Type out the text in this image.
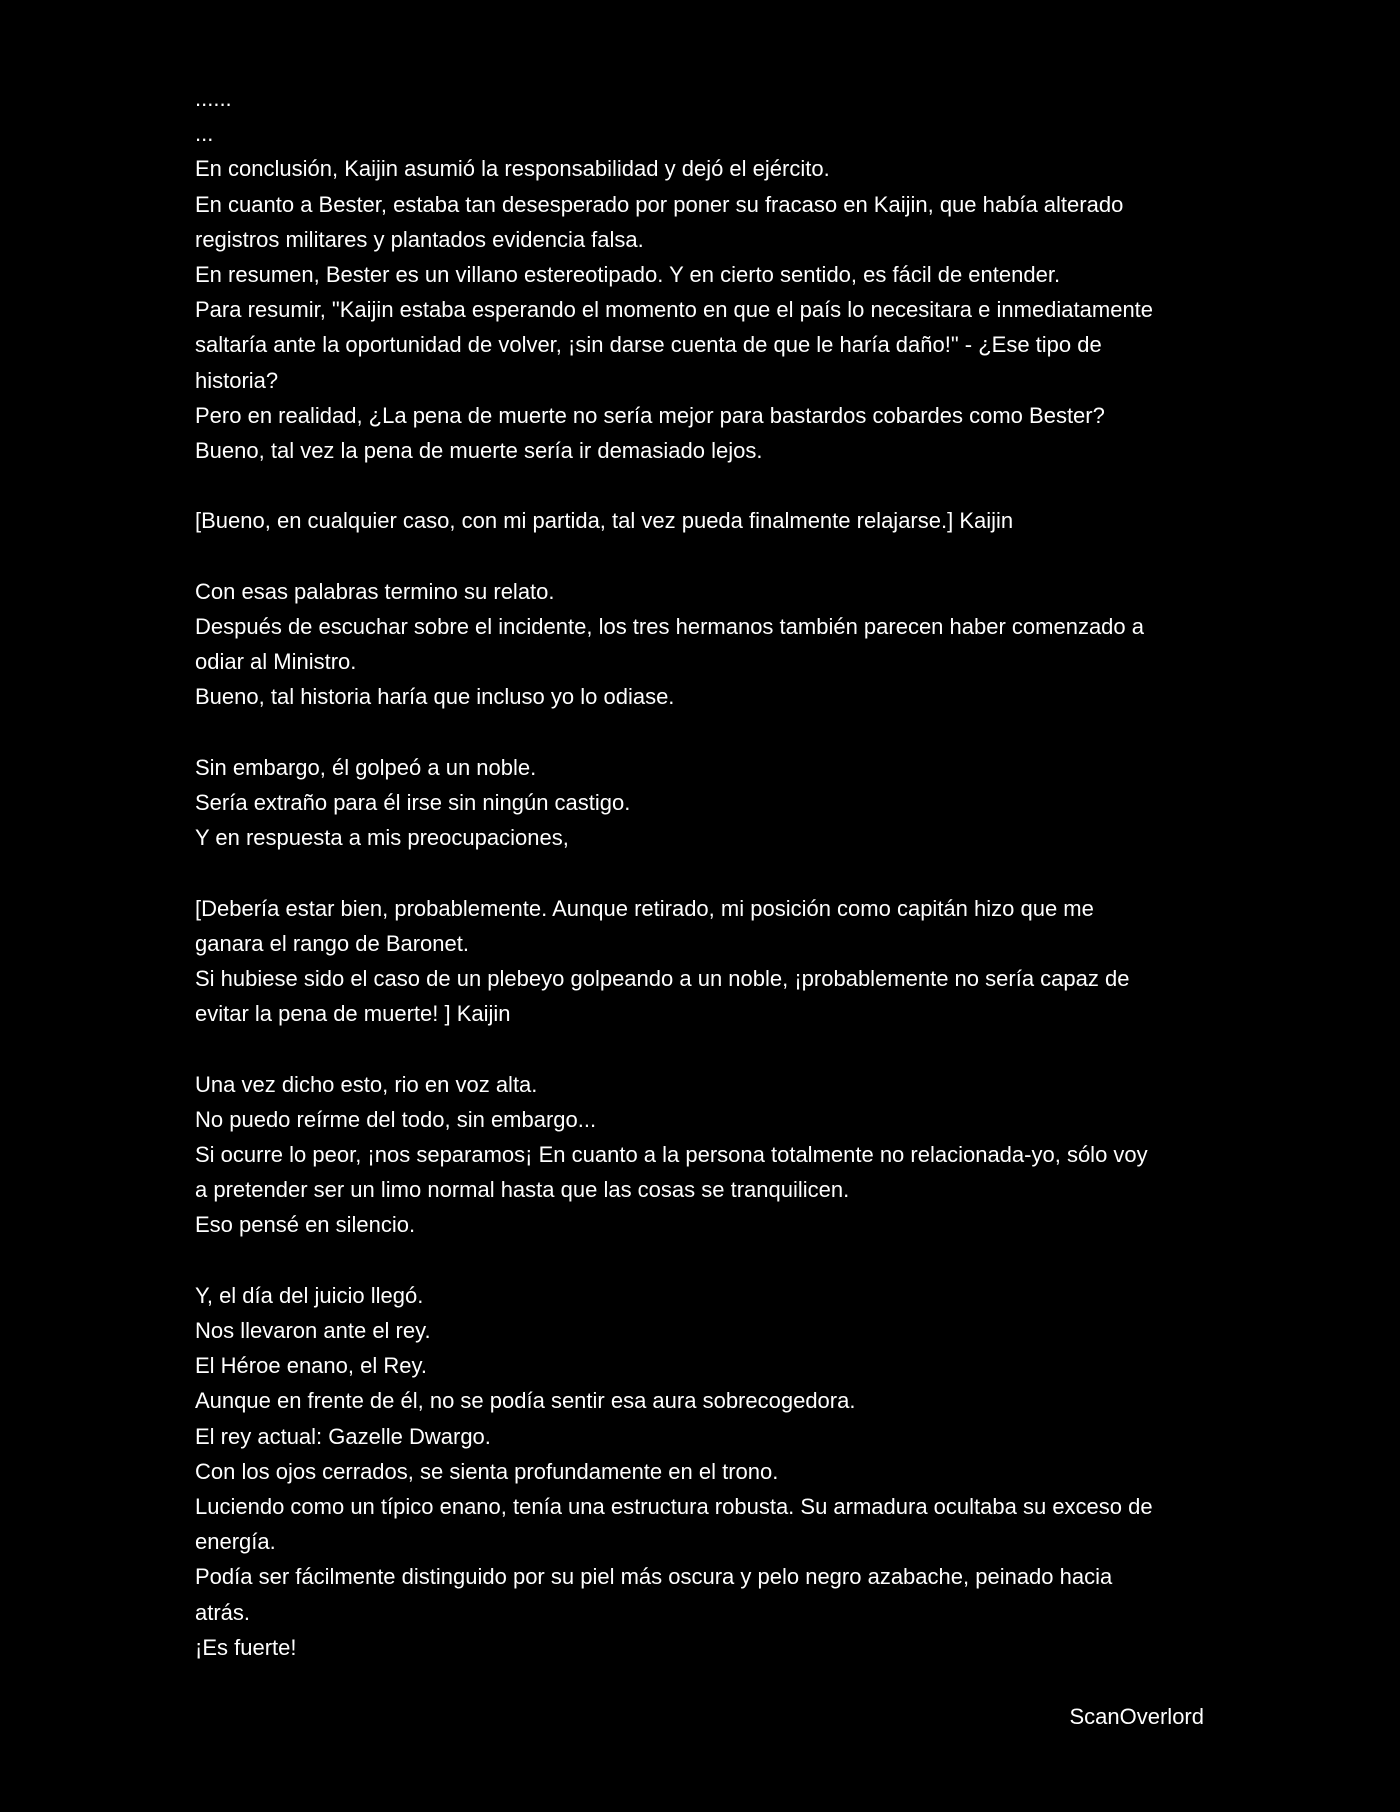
......
...
En conclusión, Kaijin asumió la responsabilidad y dejó el ejército.
En cuanto a Bester, estaba tan desesperado por poner su fracaso en Kaijin, que había alterado
registros militares y plantados evidencia falsa.
En resumen, Bester es un villano estereotipado. Y en cierto sentido, es fácil de entender.
Para resumir, "Kaijin estaba esperando el momento en que el país lo necesitara e inmediatamente
saltaría ante la oportunidad de volver, ¡sin darse cuenta de que le haría daño!" - ¿Ese tipo de
historia?
Pero en realidad, ¿La pena de muerte no sería mejor para bastardos cobardes como Bester?
Bueno, tal vez la pena de muerte sería ir demasiado lejos.
[Bueno, en cualquier caso, con mi partida, tal vez pueda finalmente relajarse.] Kaijin
Con esas palabras termino su relato.
Después de escuchar sobre el incidente, los tres hermanos también parecen haber comenzado a
odiar al Ministro.
Bueno, tal historia haría que incluso yo lo odiase.
Sin embargo, él golpeó a un noble.
Sería extraño para él irse sin ningún castigo.
Y en respuesta a mis preocupaciones,
[Debería estar bien, probablemente. Aunque retirado, mi posición como capitán hizo que me
ganara el rango de Baronet.
Si hubiese sido el caso de un plebeyo golpeando a un noble, ¡probablemente no sería capaz de
evitar la pena de muerte! ] Kaijin
Una vez dicho esto, rio en voz alta.
No puedo reírme del todo, sin embargo...
Si ocurre lo peor, ¡nos separamos¡ En cuanto a la persona totalmente no relacionada-yo, sólo voy
a pretender ser un limo normal hasta que las cosas se tranquilicen.
Eso pensé en silencio.
Y, el día del juicio llegó.
Nos llevaron ante el rey.
El Héroe enano, el Rey.
Aunque en frente de él, no se podía sentir esa aura sobrecogedora.
El rey actual: Gazelle Dwargo.
Con los ojos cerrados, se sienta profundamente en el trono.
Luciendo como un típico enano, tenía una estructura robusta. Su armadura ocultaba su exceso de
energía.
Podía ser fácilmente distinguido por su piel más oscura y pelo negro azabache, peinado hacia
atrás.
¡Es fuerte!
ScanOverlord
